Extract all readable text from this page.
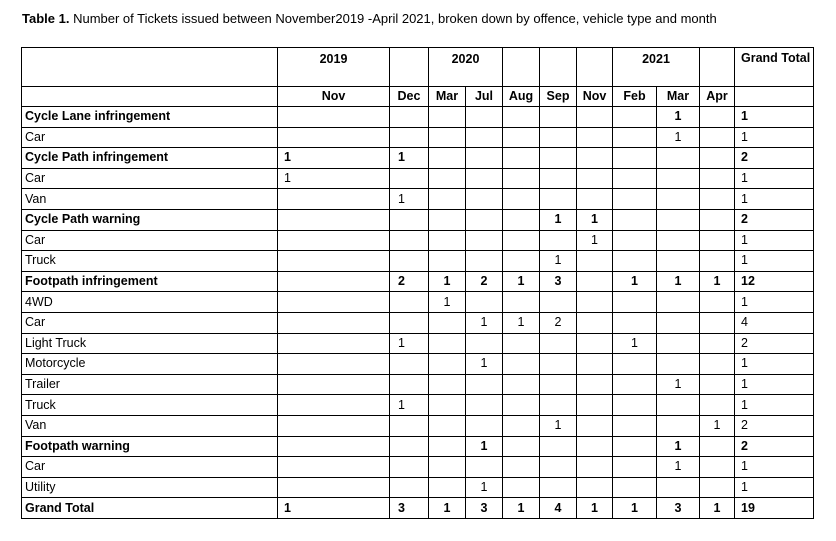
Table 1. Number of Tickets issued between November2019 -April 2021, broken down by offence, vehicle type and month
	2019		2020					2021			Grand Total
	Nov	Dec	Mar	Jul	Aug	Sep	Nov	Feb	Mar	Apr	
Cycle Lane infringement									1		1
Car									1		1
Cycle Path infringement	1	1									2
Car	1										1
Van		1									1
Cycle Path warning						1	1				2
Car							1				1
Truck						1					1
Footpath infringement		2	1	2	1	3		1	1	1	12
4WD			1								1
Car				1	1	2					4
Light Truck		1						1			2
Motorcycle				1							1
Trailer									1		1
Truck		1									1
Van						1				1	2
Footpath warning				1					1		2
Car									1		1
Utility				1							1
Grand Total	1	3	1	3	1	4	1	1	3	1	19
